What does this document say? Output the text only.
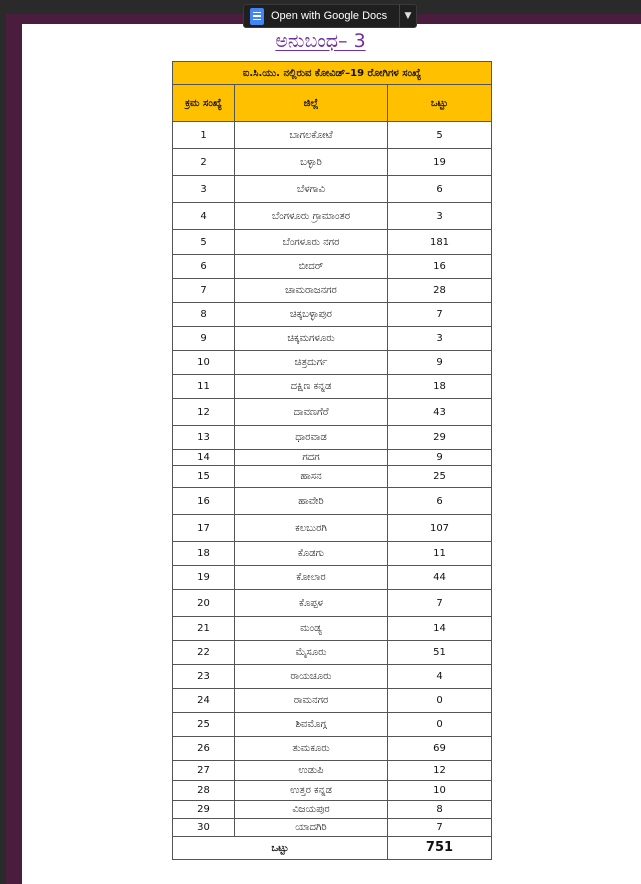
Open with Google Docs	▼
ಅನುಬಂಧ– 3
ಐ.ಸಿ.ಯು. ನಲ್ಲಿರುವ ಕೋವಿಡ್–19 ರೋಗಿಗಳ ಸಂಖ್ಯೆ		
ಕ್ರಮ ಸಂಖ್ಯೆ	ಜಿಲ್ಲೆ	ಒಟ್ಟು
1	ಬಾಗಲಕೋಟೆ	5
2	ಬಳ್ಳಾರಿ	19
3	ಬೆಳಗಾವಿ	6
4	ಬೆಂಗಳೂರು ಗ್ರಾಮಾಂತರ	3
5	ಬೆಂಗಳೂರು ನಗರ	181
6	ಬೀದರ್	16
7	ಚಾಮರಾಜನಗರ	28
8	ಚಿಕ್ಕಬಳ್ಳಾಪುರ	7
9	ಚಿಕ್ಕಮಗಳೂರು	3
10	ಚಿತ್ರದುರ್ಗ	9
11	ದಕ್ಷಿಣ ಕನ್ನಡ	18
12	ದಾವಣಗೆರೆ	43
13	ಧಾರವಾಡ	29
14	ಗದಗ	9
15	ಹಾಸನ	25
16	ಹಾವೇರಿ	6
17	ಕಲಬುರಗಿ	107
18	ಕೊಡಗು	11
19	ಕೋಲಾರ	44
20	ಕೊಪ್ಪಳ	7
21	ಮಂಡ್ಯ	14
22	ಮೈಸೂರು	51
23	ರಾಯಚೂರು	4
24	ರಾಮನಗರ	0
25	ಶಿವಮೊಗ್ಗ	0
26	ತುಮಕೂರು	69
27	ಉಡುಪಿ	12
28	ಉತ್ತರ ಕನ್ನಡ	10
29	ವಿಜಯಪುರ	8
30	ಯಾದಗಿರಿ	7
ಒಟ್ಟು		751
